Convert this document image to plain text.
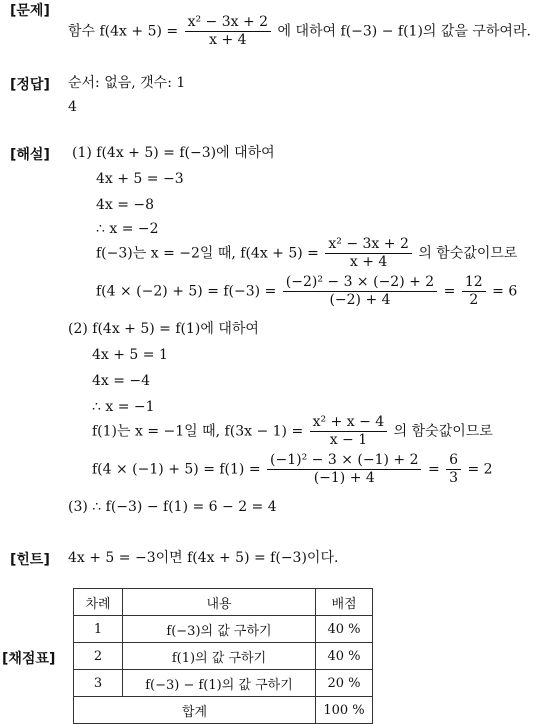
[문제]
[정답]
[해설]
[힌트]
[채점표]
함수 $f(4x + 5) = \frac{\text{x² − 3x + 2}}{x + 4}$ 에 대하여 f(−3) − f(1)의 값을 구하여라.
순서: 없음, 갯수: 1
4
(1) f(4x + 5) = f(−3)에 대하여
4x + 5 = −3
4x = −8
∴ x = −2
f(−3)는 x = −2일 때, $f(4x + 5) = \frac{\text{x² − 3x + 2}}{x + 4}$ 의 함숫값이므로
$f(4 \times (-2) + 5) = f(-3) = \frac{\text{(−2)² − 3 × (−2) + 2}}{(-2) + 4} = \frac{12}{2} = 6$
(2) f(4x + 5) = f(1)에 대하여
4x + 5 = 1
4x = −4
∴ x = −1
f(1)는 x = −1일 때, $f(3x - 1) = \frac{\text{x² + x − 4}}{x - 1}$ 의 함숫값이므로
$f(4 \times (-1) + 5) = f(1) = \frac{\text{(−1)² − 3 × (−1) + 2}}{(-1) + 4} = \frac{6}{3} = 2$
(3) ∴ f(−3) − f(1) = 6 − 2 = 4
4x + 5 = −3이면 f(4x + 5) = f(−3)이다.
차례	내용	배점
1	f(−3)의 값 구하기	40 %
2	f(1)의 값 구하기	40 %
3	f(−3) − f(1)의 값 구하기	20 %
합계		100 %
